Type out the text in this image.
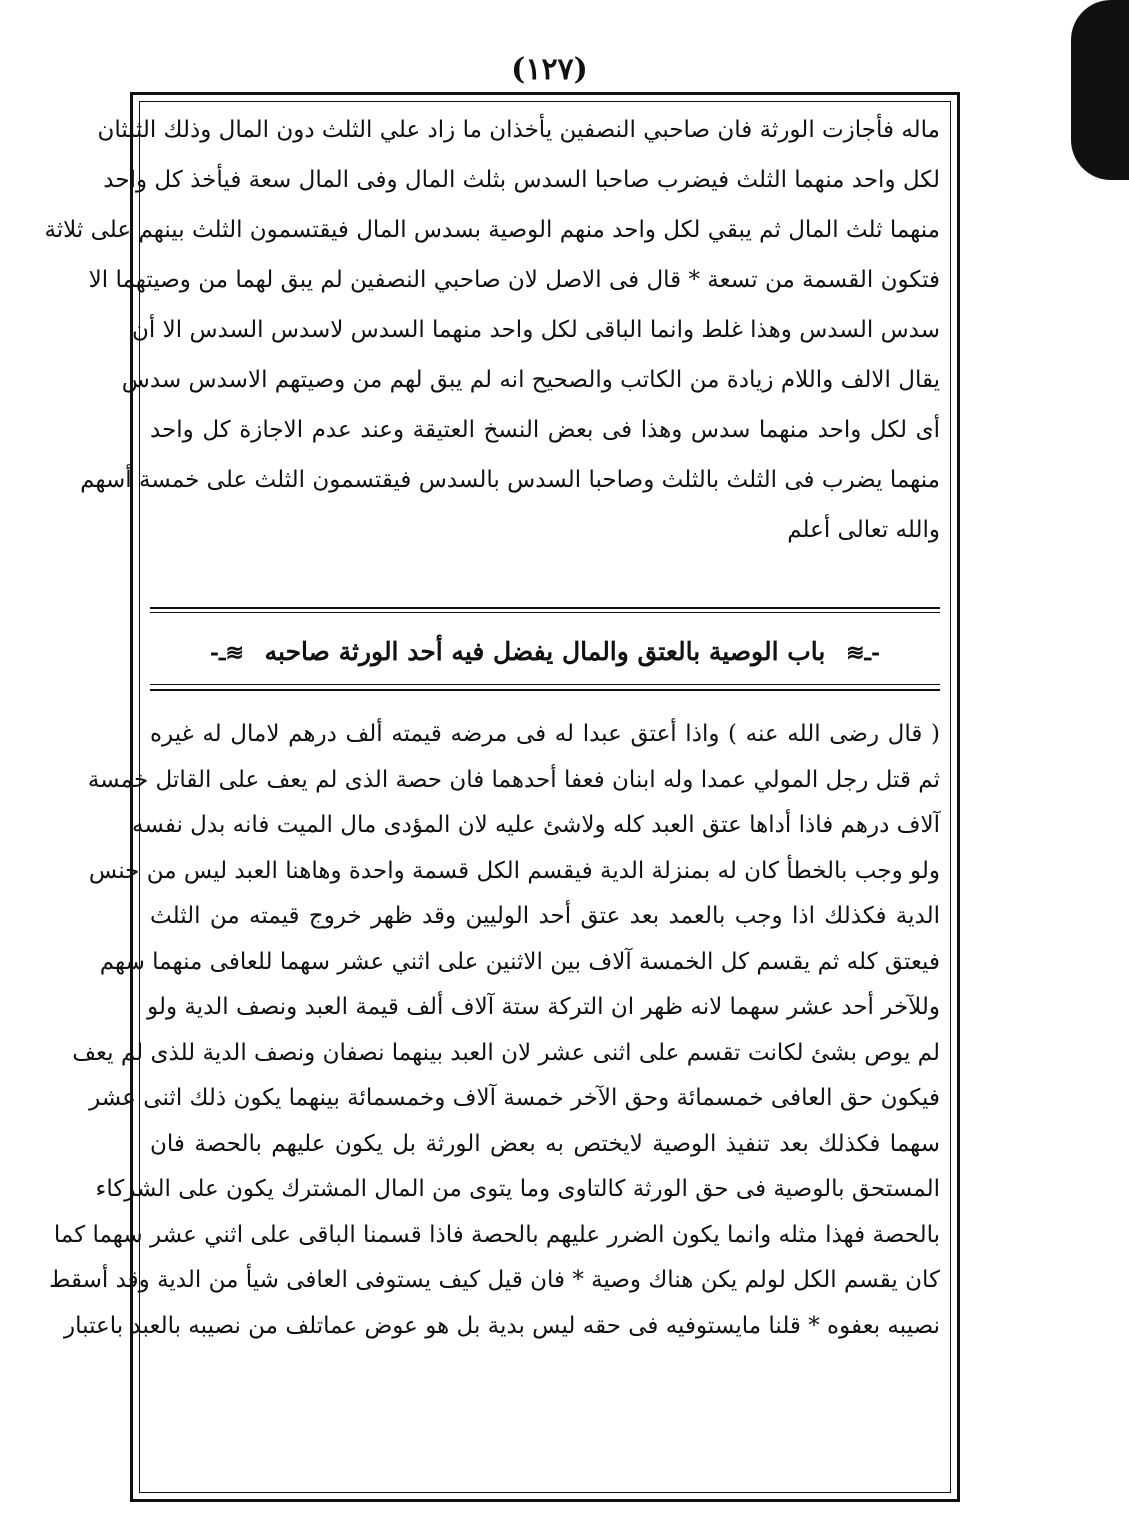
(١٢٧)
ماله فأجازت الورثة فان صاحبي النصفين يأخذان ما زاد علي الثلث دون المال وذلك الثلثان
لكل واحد منهما الثلث فيضرب صاحبا السدس بثلث المال وفى المال سعة فيأخذ كل واحد
منهما ثلث المال ثم يبقي لكل واحد منهم الوصية بسدس المال فيقتسمون الثلث بينهم على ثلاثة
فتكون القسمة من تسعة * قال فى الاصل لان صاحبي النصفين لم يبق لهما من وصيتهما الا
سدس السدس وهذا غلط وانما الباقى لكل واحد منهما السدس لاسدس السدس الا أن
يقال الالف واللام زيادة من الكاتب والصحيح انه لم يبق لهم من وصيتهم الاسدس سدس
أى لكل واحد منهما سدس وهذا فى بعض النسخ العتيقة وعند عدم الاجازة كل واحد
منهما يضرب فى الثلث بالثلث وصاحبا السدس بالسدس فيقتسمون الثلث على خمسة أسهم
والله تعالى أعلم
-ـ≋ باب الوصية بالعتق والمال يفضل فيه أحد الورثة صاحبه ≋ـ-
( قال رضى الله عنه ) واذا أعتق عبدا له فى مرضه قيمته ألف درهم لامال له غيره
ثم قتل رجل المولي عمدا وله ابنان فعفا أحدهما فان حصة الذى لم يعف على القاتل خمسة
آلاف درهم فاذا أداها عتق العبد كله ولاشئ عليه لان المؤدى مال الميت فانه بدل نفسه
ولو وجب بالخطأ كان له بمنزلة الدية فيقسم الكل قسمة واحدة وهاهنا العبد ليس من جنس
الدية فكذلك اذا وجب بالعمد بعد عتق أحد الوليين وقد ظهر خروج قيمته من الثلث
فيعتق كله ثم يقسم كل الخمسة آلاف بين الاثنين على اثني عشر سهما للعافى منهما سهم
وللآخر أحد عشر سهما لانه ظهر ان التركة ستة آلاف ألف قيمة العبد ونصف الدية ولو
لم يوص بشئ لكانت تقسم على اثنى عشر لان العبد بينهما نصفان ونصف الدية للذى لم يعف
فيكون حق العافى خمسمائة وحق الآخر خمسة آلاف وخمسمائة بينهما يكون ذلك اثنى عشر
سهما فكذلك بعد تنفيذ الوصية لايختص به بعض الورثة بل يكون عليهم بالحصة فان
المستحق بالوصية فى حق الورثة كالتاوى وما يتوى من المال المشترك يكون على الشركاء
بالحصة فهذا مثله وانما يكون الضرر عليهم بالحصة فاذا قسمنا الباقى على اثني عشر سهما كما
كان يقسم الكل لولم يكن هناك وصية * فان قيل كيف يستوفى العافى شيأ من الدية وقد أسقط
نصيبه بعفوه * قلنا مايستوفيه فى حقه ليس بدية بل هو عوض عماتلف من نصيبه بالعبد باعتبار
